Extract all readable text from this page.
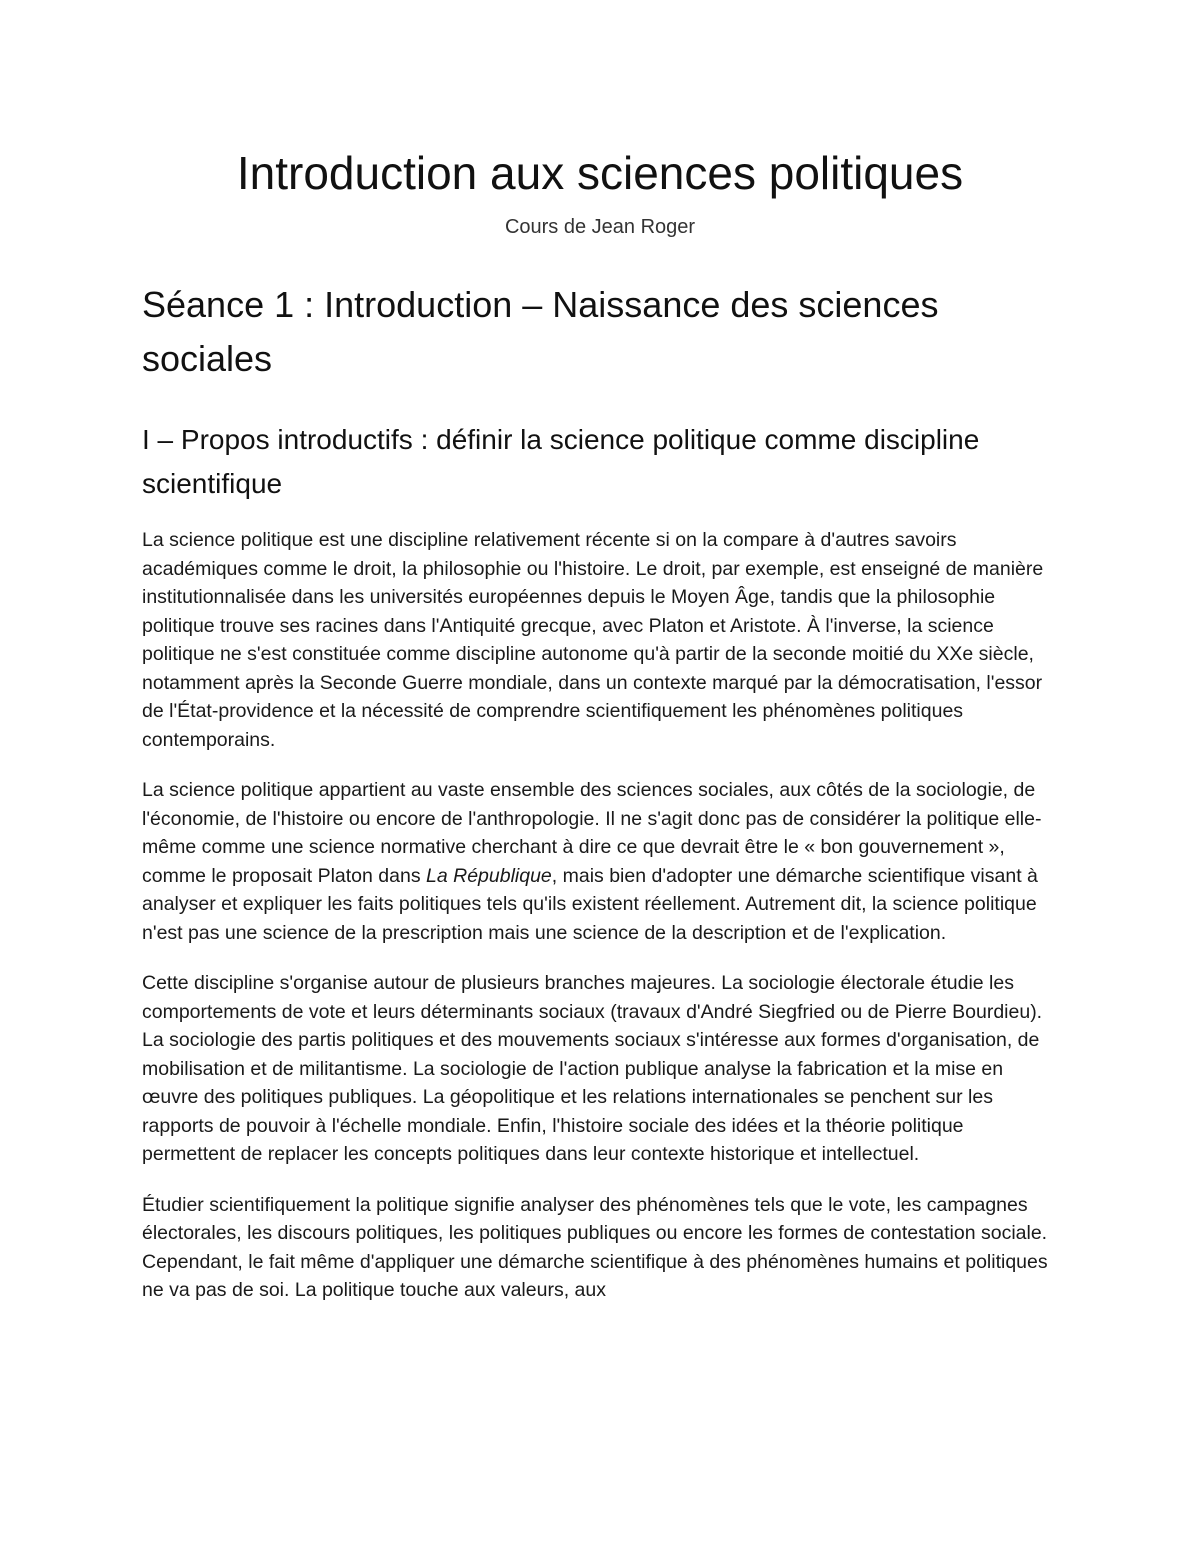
Introduction aux sciences politiques
Cours de Jean Roger
Séance 1 : Introduction – Naissance des sciences sociales
I – Propos introductifs : définir la science politique comme discipline scientifique

La science politique est une discipline relativement récente si on la compare à d'autres savoirs académiques comme le droit, la philosophie ou l'histoire. Le droit, par exemple, est enseigné de manière institutionnalisée dans les universités européennes depuis le Moyen Âge, tandis que la philosophie politique trouve ses racines dans l'Antiquité grecque, avec Platon et Aristote. À l'inverse, la science politique ne s'est constituée comme discipline autonome qu'à partir de la seconde moitié du XXe siècle, notamment après la Seconde Guerre mondiale, dans un contexte marqué par la démocratisation, l'essor de l'État-providence et la nécessité de comprendre scientifiquement les phénomènes politiques contemporains.

La science politique appartient au vaste ensemble des sciences sociales, aux côtés de la sociologie, de l'économie, de l'histoire ou encore de l'anthropologie. Il ne s'agit donc pas de considérer la politique elle-même comme une science normative cherchant à dire ce que devrait être le « bon gouvernement », comme le proposait Platon dans La République, mais bien d'adopter une démarche scientifique visant à analyser et expliquer les faits politiques tels qu'ils existent réellement. Autrement dit, la science politique n'est pas une science de la prescription mais une science de la description et de l'explication.

Cette discipline s'organise autour de plusieurs branches majeures. La sociologie électorale étudie les comportements de vote et leurs déterminants sociaux (travaux d'André Siegfried ou de Pierre Bourdieu). La sociologie des partis politiques et des mouvements sociaux s'intéresse aux formes d'organisation, de mobilisation et de militantisme. La sociologie de l'action publique analyse la fabrication et la mise en œuvre des politiques publiques. La géopolitique et les relations internationales se penchent sur les rapports de pouvoir à l'échelle mondiale. Enfin, l'histoire sociale des idées et la théorie politique permettent de replacer les concepts politiques dans leur contexte historique et intellectuel.

Étudier scientifiquement la politique signifie analyser des phénomènes tels que le vote, les campagnes électorales, les discours politiques, les politiques publiques ou encore les formes de contestation sociale. Cependant, le fait même d'appliquer une démarche scientifique à des phénomènes humains et politiques ne va pas de soi. La politique touche aux valeurs, aux
